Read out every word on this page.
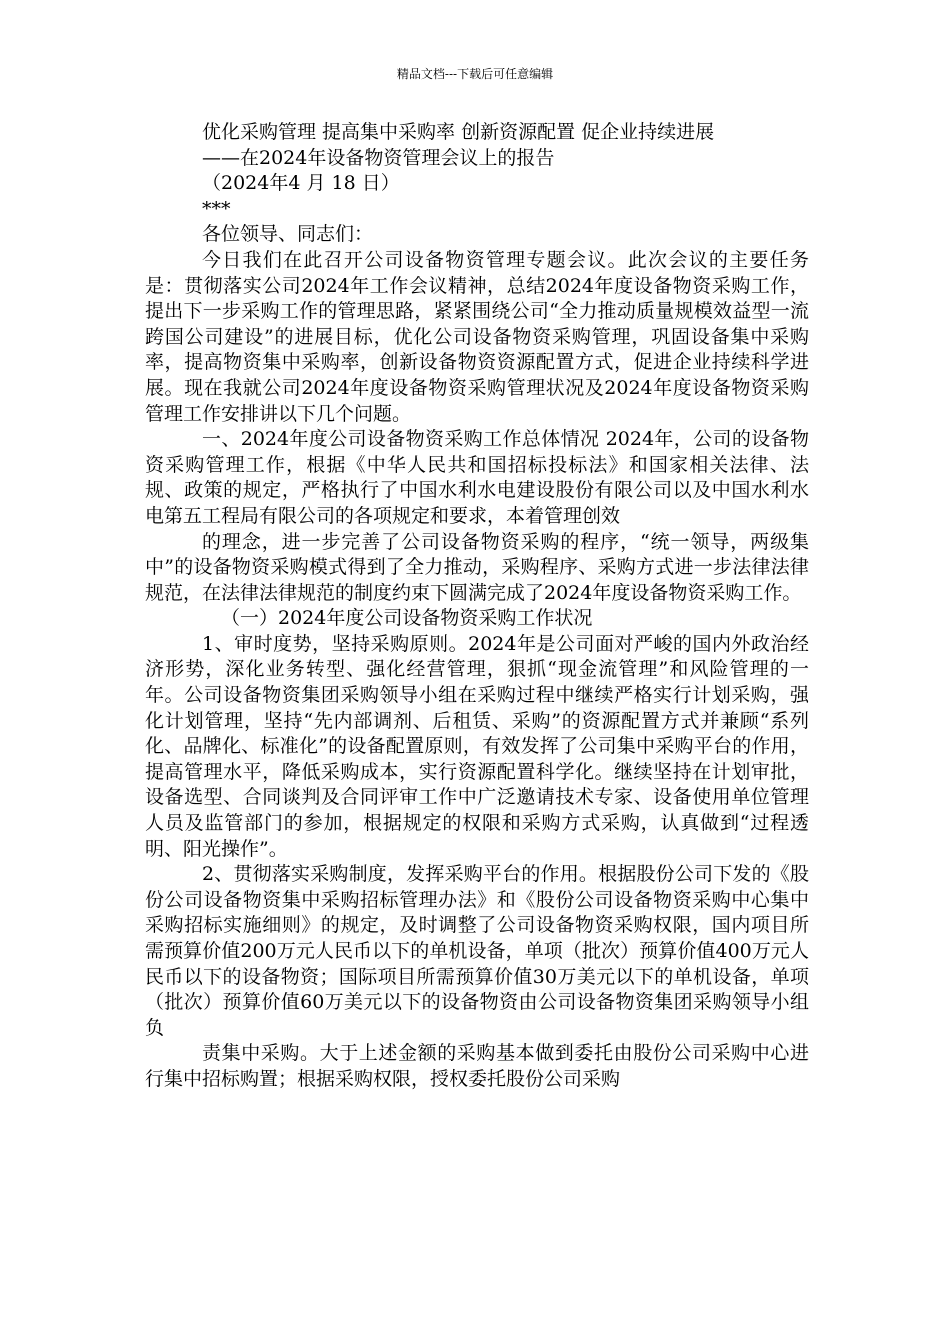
精品文档---下载后可任意编辑

优化采购管理 提高集中采购率 创新资源配置 促企业持续进展

——在2024年设备物资管理会议上的报告

（2024年4 月 18 日）

***

各位领导、同志们：

今日我们在此召开公司设备物资管理专题会议。此次会议的主要任务是：贯彻落实公司2024年工作会议精神，总结2024年度设备物资采购工作，提出下一步采购工作的管理思路，紧紧围绕公司“全力推动质量规模效益型一流跨国公司建设”的进展目标，优化公司设备物资采购管理，巩固设备集中采购率，提高物资集中采购率，创新设备物资资源配置方式，促进企业持续科学进展。现在我就公司2024年度设备物资采购管理状况及2024年度设备物资采购管理工作安排讲以下几个问题。

一、2024年度公司设备物资采购工作总体情况 2024年，公司的设备物资采购管理工作，根据《中华人民共和国招标投标法》和国家相关法律、法规、政策的规定，严格执行了中国水利水电建设股份有限公司以及中国水利水电第五工程局有限公司的各项规定和要求，本着管理创效

的理念，进一步完善了公司设备物资采购的程序，“统一领导，两级集中”的设备物资采购模式得到了全力推动，采购程序、采购方式进一步法律法律规范，在法律法律规范的制度约束下圆满完成了2024年度设备物资采购工作。

（一）2024年度公司设备物资采购工作状况

1、审时度势，坚持采购原则。2024年是公司面对严峻的国内外政治经济形势，深化业务转型、强化经营管理，狠抓“现金流管理”和风险管理的一年。公司设备物资集团采购领导小组在采购过程中继续严格实行计划采购，强化计划管理，坚持“先内部调剂、后租赁、采购”的资源配置方式并兼顾“系列化、品牌化、标准化”的设备配置原则，有效发挥了公司集中采购平台的作用，提高管理水平，降低采购成本，实行资源配置科学化。继续坚持在计划审批，设备选型、合同谈判及合同评审工作中广泛邀请技术专家、设备使用单位管理人员及监管部门的参加，根据规定的权限和采购方式采购，认真做到“过程透明、阳光操作”。

2、贯彻落实采购制度，发挥采购平台的作用。根据股份公司下发的《股份公司设备物资集中采购招标管理办法》和《股份公司设备物资采购中心集中采购招标实施细则》的规定，及时调整了公司设备物资采购权限，国内项目所需预算价值200万元人民币以下的单机设备，单项（批次）预算价值400万元人民币以下的设备物资；国际项目所需预算价值30万美元以下的单机设备，单项（批次）预算价值60万美元以下的设备物资由公司设备物资集团采购领导小组负

责集中采购。大于上述金额的采购基本做到委托由股份公司采购中心进行集中招标购置；根据采购权限，授权委托股份公司采购
